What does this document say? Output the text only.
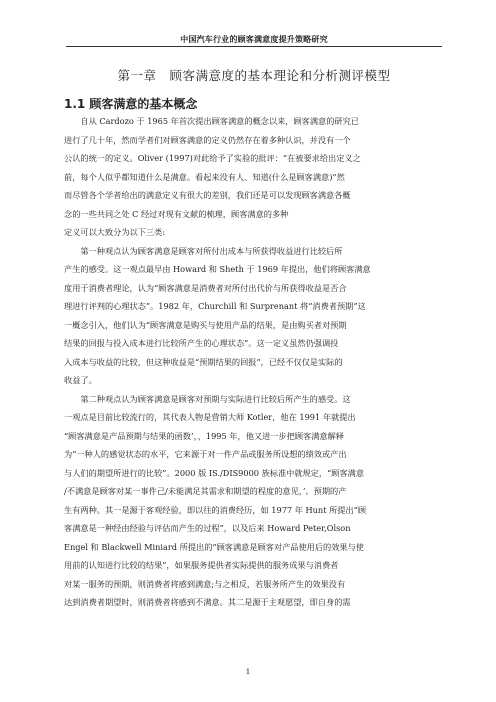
中国汽车行业的顾客满意度提升策略研究
第一章　顾客满意度的基本理论和分析测评模型
1.1 顾客满意的基本概念
　　自从 Cardozo 于 1965 年首次提出顾客满意的概念以来，顾客满意的研究已
进行了几十年，然而学者们对顾客满意的定义仍然存在着多种认识，并没有一个
公认的统一的定义。Oliver (1997)对此给予了实验的批评：“在被要求给出定义之
前，每个人似乎都知道什么是满意。看起来没有人、知道(什么是顾客满意)”然
而尽管各个学者给出的满意定义有很大的差别，我们还是可以发现顾客满意各概
念的一些共同之处 C 经过对现有文献的梳理，顾客满意的多种
定义可以大致分为以下三类:
　　第一种观点认为顾客满意是顾客对所付出成本与所获得收益进行比较后所
产生的感受。这一观点最早由 Howard 和 Sheth 于 1969 年提出，他们将顾客满意
度用于消费者理论，认为“顾客满意是消费者对所付出代价与所获得收益是否合
理进行评判的心理状态”。1982 年，Churchill 和 Surprenant 将“消费者预期”这
一概念引入，他们认为“顾客满意是购买与使用产品的结果，是由购买者对预期
结果的回报与投入成本进行比较所产生的心理状态”。这一定义虽然仍强调投
入成本与收益的比较，但这种收益是“预期结果的回报”，已经不仅仅是实际的
收益了。
　　第二种观点认为顾客满意是顾客对预期与实际进行比较后所产生的感受。这
一观点是目前比较流行的，其代表人物是营销大师 Kotler，他在 1991 年就提出
“顾客满意是产品预期与结果的函数’，，1995 年，他又进一步把顾客满意解释
为“一种人的感觉状态的水平，它来源于对一件产品或服务所设想的绩效或产出
与人们的期望所进行的比较”。2000 版 IS./DIS9000 族标准中就规定，“顾客满意
/不满意是顾客对某一事件己/未能满足其需求和期望的程度的意见，’。预期的产
生有两种。其一是源于客观经验，即以往的消费经历，如 1977 年 Hunt 所提出“顾
客满意是一种经由经验与评估而产生的过程”，以及后来 Howard Peter,Olson
Engel 和 Blackwell Miniard 所提出的“顾客满意是顾客对产品使用后的效果与使
用前的认知进行比较的结果”，如果服务提供者实际提供的服务成果与消费者
对某一服务的预期，则消费者将感到满意;与之相反，若服务所产生的效果没有
达到消费者期望时，则消费者将感到不满意。其二是源于主观愿望，即自身的需
1
